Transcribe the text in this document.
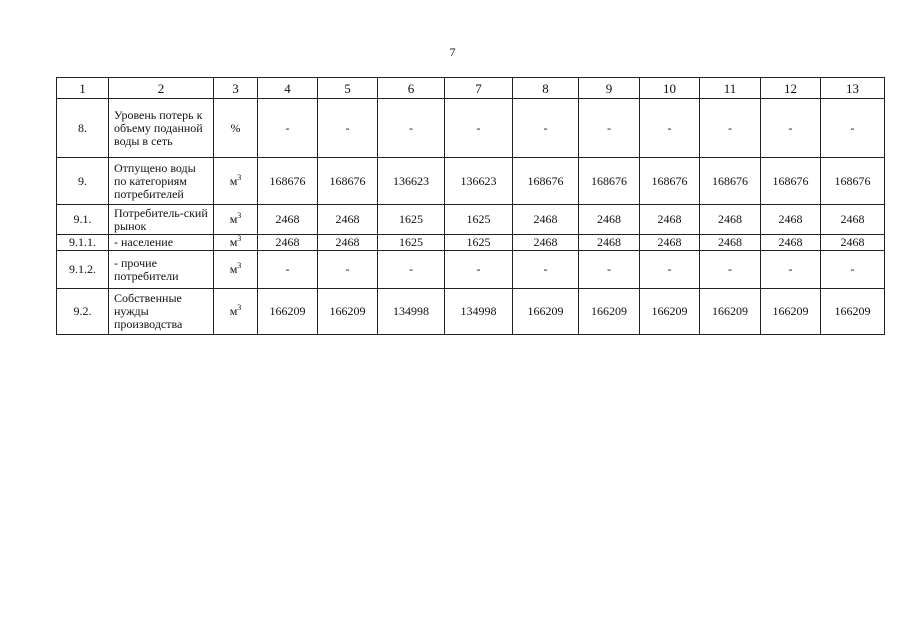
7
1	2	3	4	5	6	7	8	9	10	11	12	13
8.	Уровень потерь к объему поданной воды в сеть	%	-	-	-	-	-	-	-	-	-	-
9.	Отпущено воды по категориям потребителей	$м^3$	168676	168676	136623	136623	168676	168676	168676	168676	168676	168676
9.1.	Потребитель-ский рынок	$м^3$	2468	2468	1625	1625	2468	2468	2468	2468	2468	2468
9.1.1.	- население	$м^3$	2468	2468	1625	1625	2468	2468	2468	2468	2468	2468
9.1.2.	- прочие потребители	$м^3$	-	-	-	-	-	-	-	-	-	-
9.2.	Собственные нужды производства	$м^3$	166209	166209	134998	134998	166209	166209	166209	166209	166209	166209
